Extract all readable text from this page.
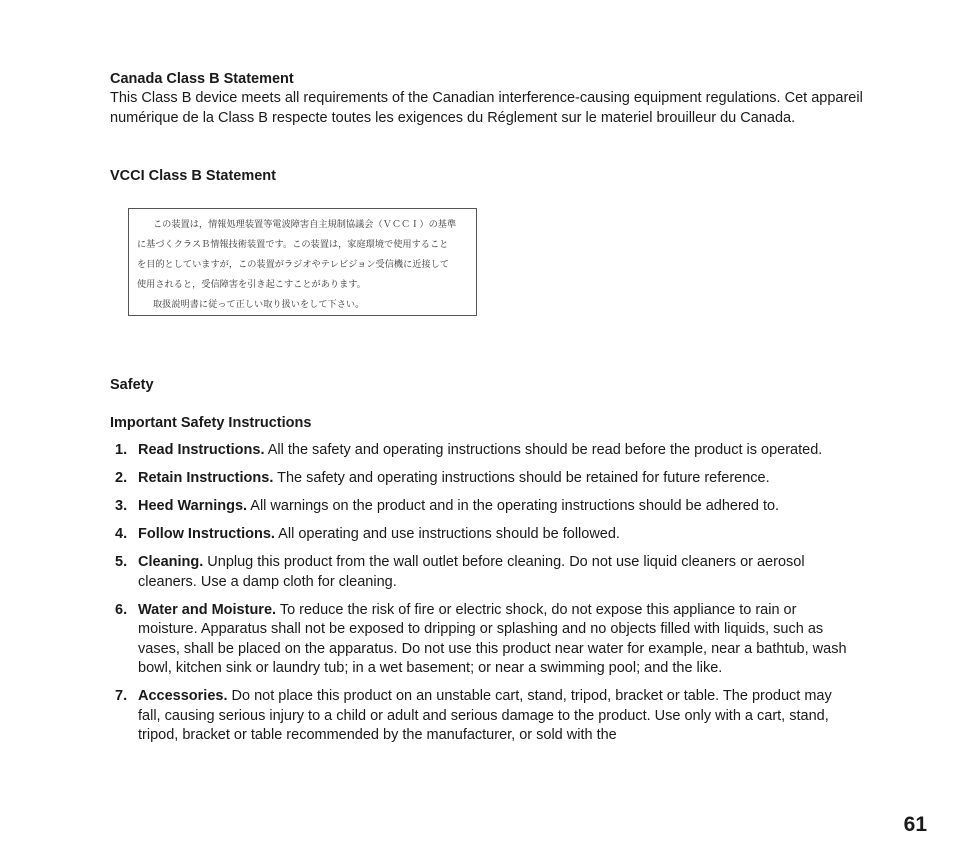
Canada Class B Statement
This Class B device meets all requirements of the Canadian interference-causing equipment regulations. Cet appareil numérique de la Class B respecte toutes les exigences du Réglement sur le materiel brouilleur du Canada.
VCCI Class B Statement
この装置は，情報処理装置等電波障害自主規制協議会（ＶＣＣＩ）の基準
に基づくクラスＢ情報技術装置です。この装置は，家庭環境で使用すること
を目的としていますが，この装置がラジオやテレビジョン受信機に近接して
使用されると，受信障害を引き起こすことがあります。
取扱説明書に従って正しい取り扱いをして下さい。
Safety
Important Safety Instructions
1. Read Instructions. All the safety and operating instructions should be read before the product is operated.
2. Retain Instructions. The safety and operating instructions should be retained for future reference.
3. Heed Warnings. All warnings on the product and in the operating instructions should be adhered to.
4. Follow Instructions. All operating and use instructions should be followed.
5. Cleaning. Unplug this product from the wall outlet before cleaning. Do not use liquid cleaners or aerosol cleaners. Use a damp cloth for cleaning.
6. Water and Moisture. To reduce the risk of fire or electric shock, do not expose this appliance to rain or moisture. Apparatus shall not be exposed to dripping or splashing and no objects filled with liquids, such as vases, shall be placed on the apparatus. Do not use this product near water for example, near a bathtub, wash bowl, kitchen sink or laundry tub; in a wet basement; or near a swimming pool; and the like.
7. Accessories. Do not place this product on an unstable cart, stand, tripod, bracket or table. The product may fall, causing serious injury to a child or adult and serious damage to the product. Use only with a cart, stand, tripod, bracket or table recommended by the manufacturer, or sold with the
61
